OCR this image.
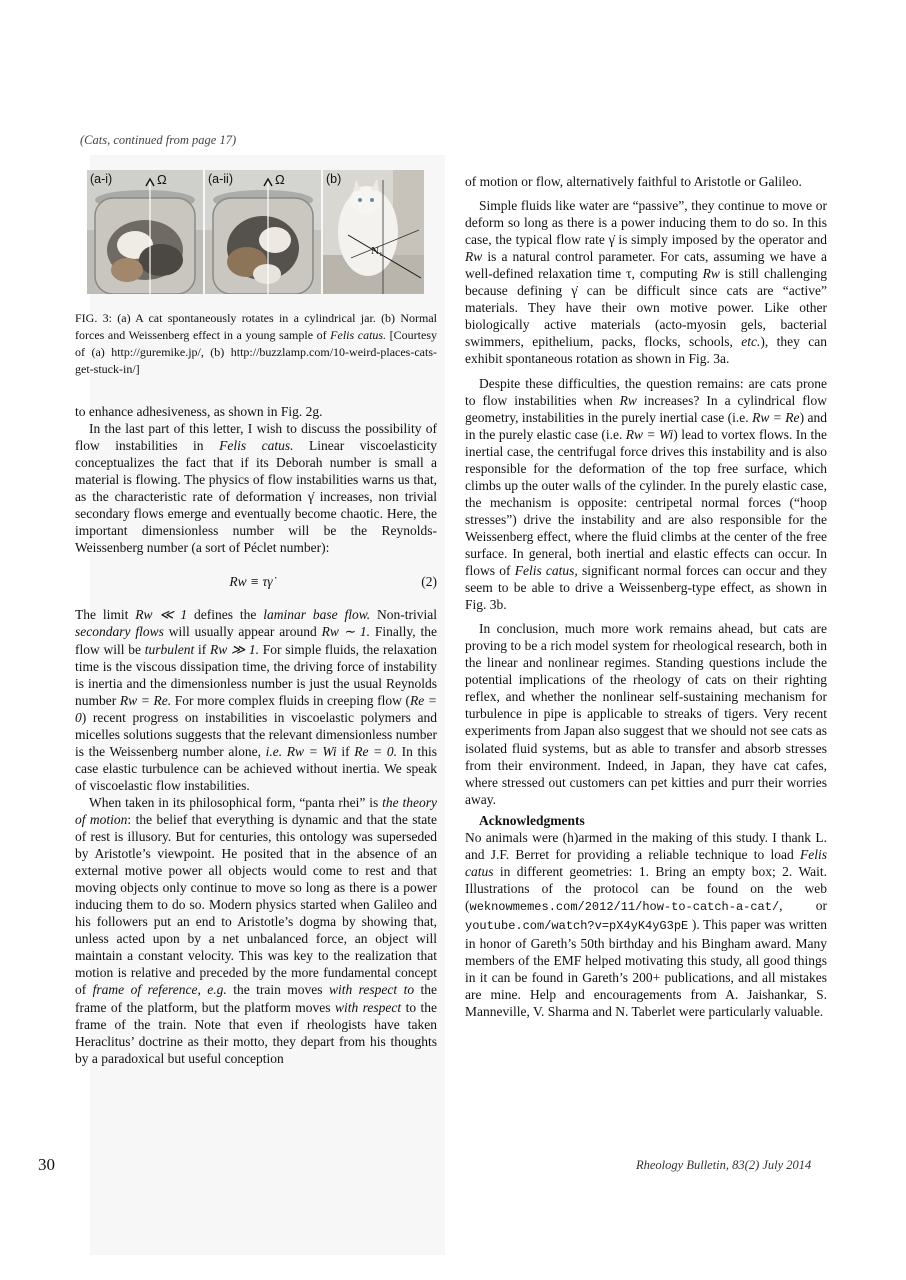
(Cats, continued from page 17)
(a-i)	Ω	(a-ii)	Ω	(b)
N₁
FIG. 3: (a) A cat spontaneously rotates in a cylindrical jar. (b) Normal forces and Weissenberg effect in a young sample of Felis catus. [Courtesy of (a) http://guremike.jp/, (b) http://buzzlamp.com/10-weird-places-cats-get-stuck-in/]

to enhance adhesiveness, as shown in Fig. 2g.

In the last part of this letter, I wish to discuss the possibility of flow instabilities in Felis catus. Linear viscoelasticity conceptualizes the fact that if its Deborah number is small a material is flowing. The physics of flow instabilities warns us that, as the characteristic rate of deformation γ̇ increases, non trivial secondary flows emerge and eventually become chaotic. Here, the important dimensionless number will be the Reynolds-Weissenberg number (a sort of Péclet number):

Rw ≡ τγ̇	(2)

The limit Rw ≪ 1 defines the laminar base flow. Non-trivial secondary flows will usually appear around Rw ∼ 1. Finally, the flow will be turbulent if Rw ≫ 1. For simple fluids, the relaxation time is the viscous dissipation time, the driving force of instability is inertia and the dimensionless number is just the usual Reynolds number Rw = Re. For more complex fluids in creeping flow (Re = 0) recent progress on instabilities in viscoelastic polymers and micelles solutions suggests that the relevant dimensionless number is the Weissenberg number alone, i.e. Rw = Wi if Re = 0. In this case elastic turbulence can be achieved without inertia. We speak of viscoelastic flow instabilities.

When taken in its philosophical form, “panta rhei” is the theory of motion: the belief that everything is dynamic and that the state of rest is illusory. But for centuries, this ontology was superseded by Aristotle’s viewpoint. He posited that in the absence of an external motive power all objects would come to rest and that moving objects only continue to move so long as there is a power inducing them to do so. Modern physics started when Galileo and his followers put an end to Aristotle’s dogma by showing that, unless acted upon by a net unbalanced force, an object will maintain a constant velocity. This was key to the realization that motion is relative and preceded by the more fundamental concept of frame of reference, e.g. the train moves with respect to the frame of the platform, but the platform moves with respect to the frame of the train. Note that even if rheologists have taken Heraclitus’ doctrine as their motto, they depart from his thoughts by a paradoxical but useful conception

of motion or flow, alternatively faithful to Aristotle or Galileo.

Simple fluids like water are “passive”, they continue to move or deform so long as there is a power inducing them to do so. In this case, the typical flow rate γ̇ is simply imposed by the operator and Rw is a natural control parameter. For cats, assuming we have a well-defined relaxation time τ, computing Rw is still challenging because defining γ̇ can be difficult since cats are “active” materials. They have their own motive power. Like other biologically active materials (acto-myosin gels, bacterial swimmers, epithelium, packs, flocks, schools, etc.), they can exhibit spontaneous rotation as shown in Fig. 3a.

Despite these difficulties, the question remains: are cats prone to flow instabilities when Rw increases? In a cylindrical flow geometry, instabilities in the purely inertial case (i.e. Rw = Re) and in the purely elastic case (i.e. Rw = Wi) lead to vortex flows. In the inertial case, the centrifugal force drives this instability and is also responsible for the deformation of the top free surface, which climbs up the outer walls of the cylinder. In the purely elastic case, the mechanism is opposite: centripetal normal forces (“hoop stresses”) drive the instability and are also responsible for the Weissenberg effect, where the fluid climbs at the center of the free surface. In general, both inertial and elastic effects can occur. In flows of Felis catus, significant normal forces can occur and they seem to be able to drive a Weissenberg-type effect, as shown in Fig. 3b.

In conclusion, much more work remains ahead, but cats are proving to be a rich model system for rheological research, both in the linear and nonlinear regimes. Standing questions include the potential implications of the rheology of cats on their righting reflex, and whether the nonlinear self-sustaining mechanism for turbulence in pipe is applicable to streaks of tigers. Very recent experiments from Japan also suggest that we should not see cats as isolated fluid systems, but as able to transfer and absorb stresses from their environment. Indeed, in Japan, they have cat cafes, where stressed out customers can pet kitties and purr their worries away.

Acknowledgments

No animals were (h)armed in the making of this study. I thank L. and J.F. Berret for providing a reliable technique to load Felis catus in different geometries: 1. Bring an empty box; 2. Wait. Illustrations of the protocol can be found on the web (weknowmemes.com/2012/11/how-to-catch-a-cat/, or youtube.com/watch?v=pX4yK4yG3pE ). This paper was written in honor of Gareth’s 50th birthday and his Bingham award. Many members of the EMF helped motivating this study, all good things in it can be found in Gareth’s 200+ publications, and all mistakes are mine. Help and encouragements from A. Jaishankar, S. Manneville, V. Sharma and N. Taberlet were particularly valuable.

30	Rheology Bulletin, 83(2) July 2014
